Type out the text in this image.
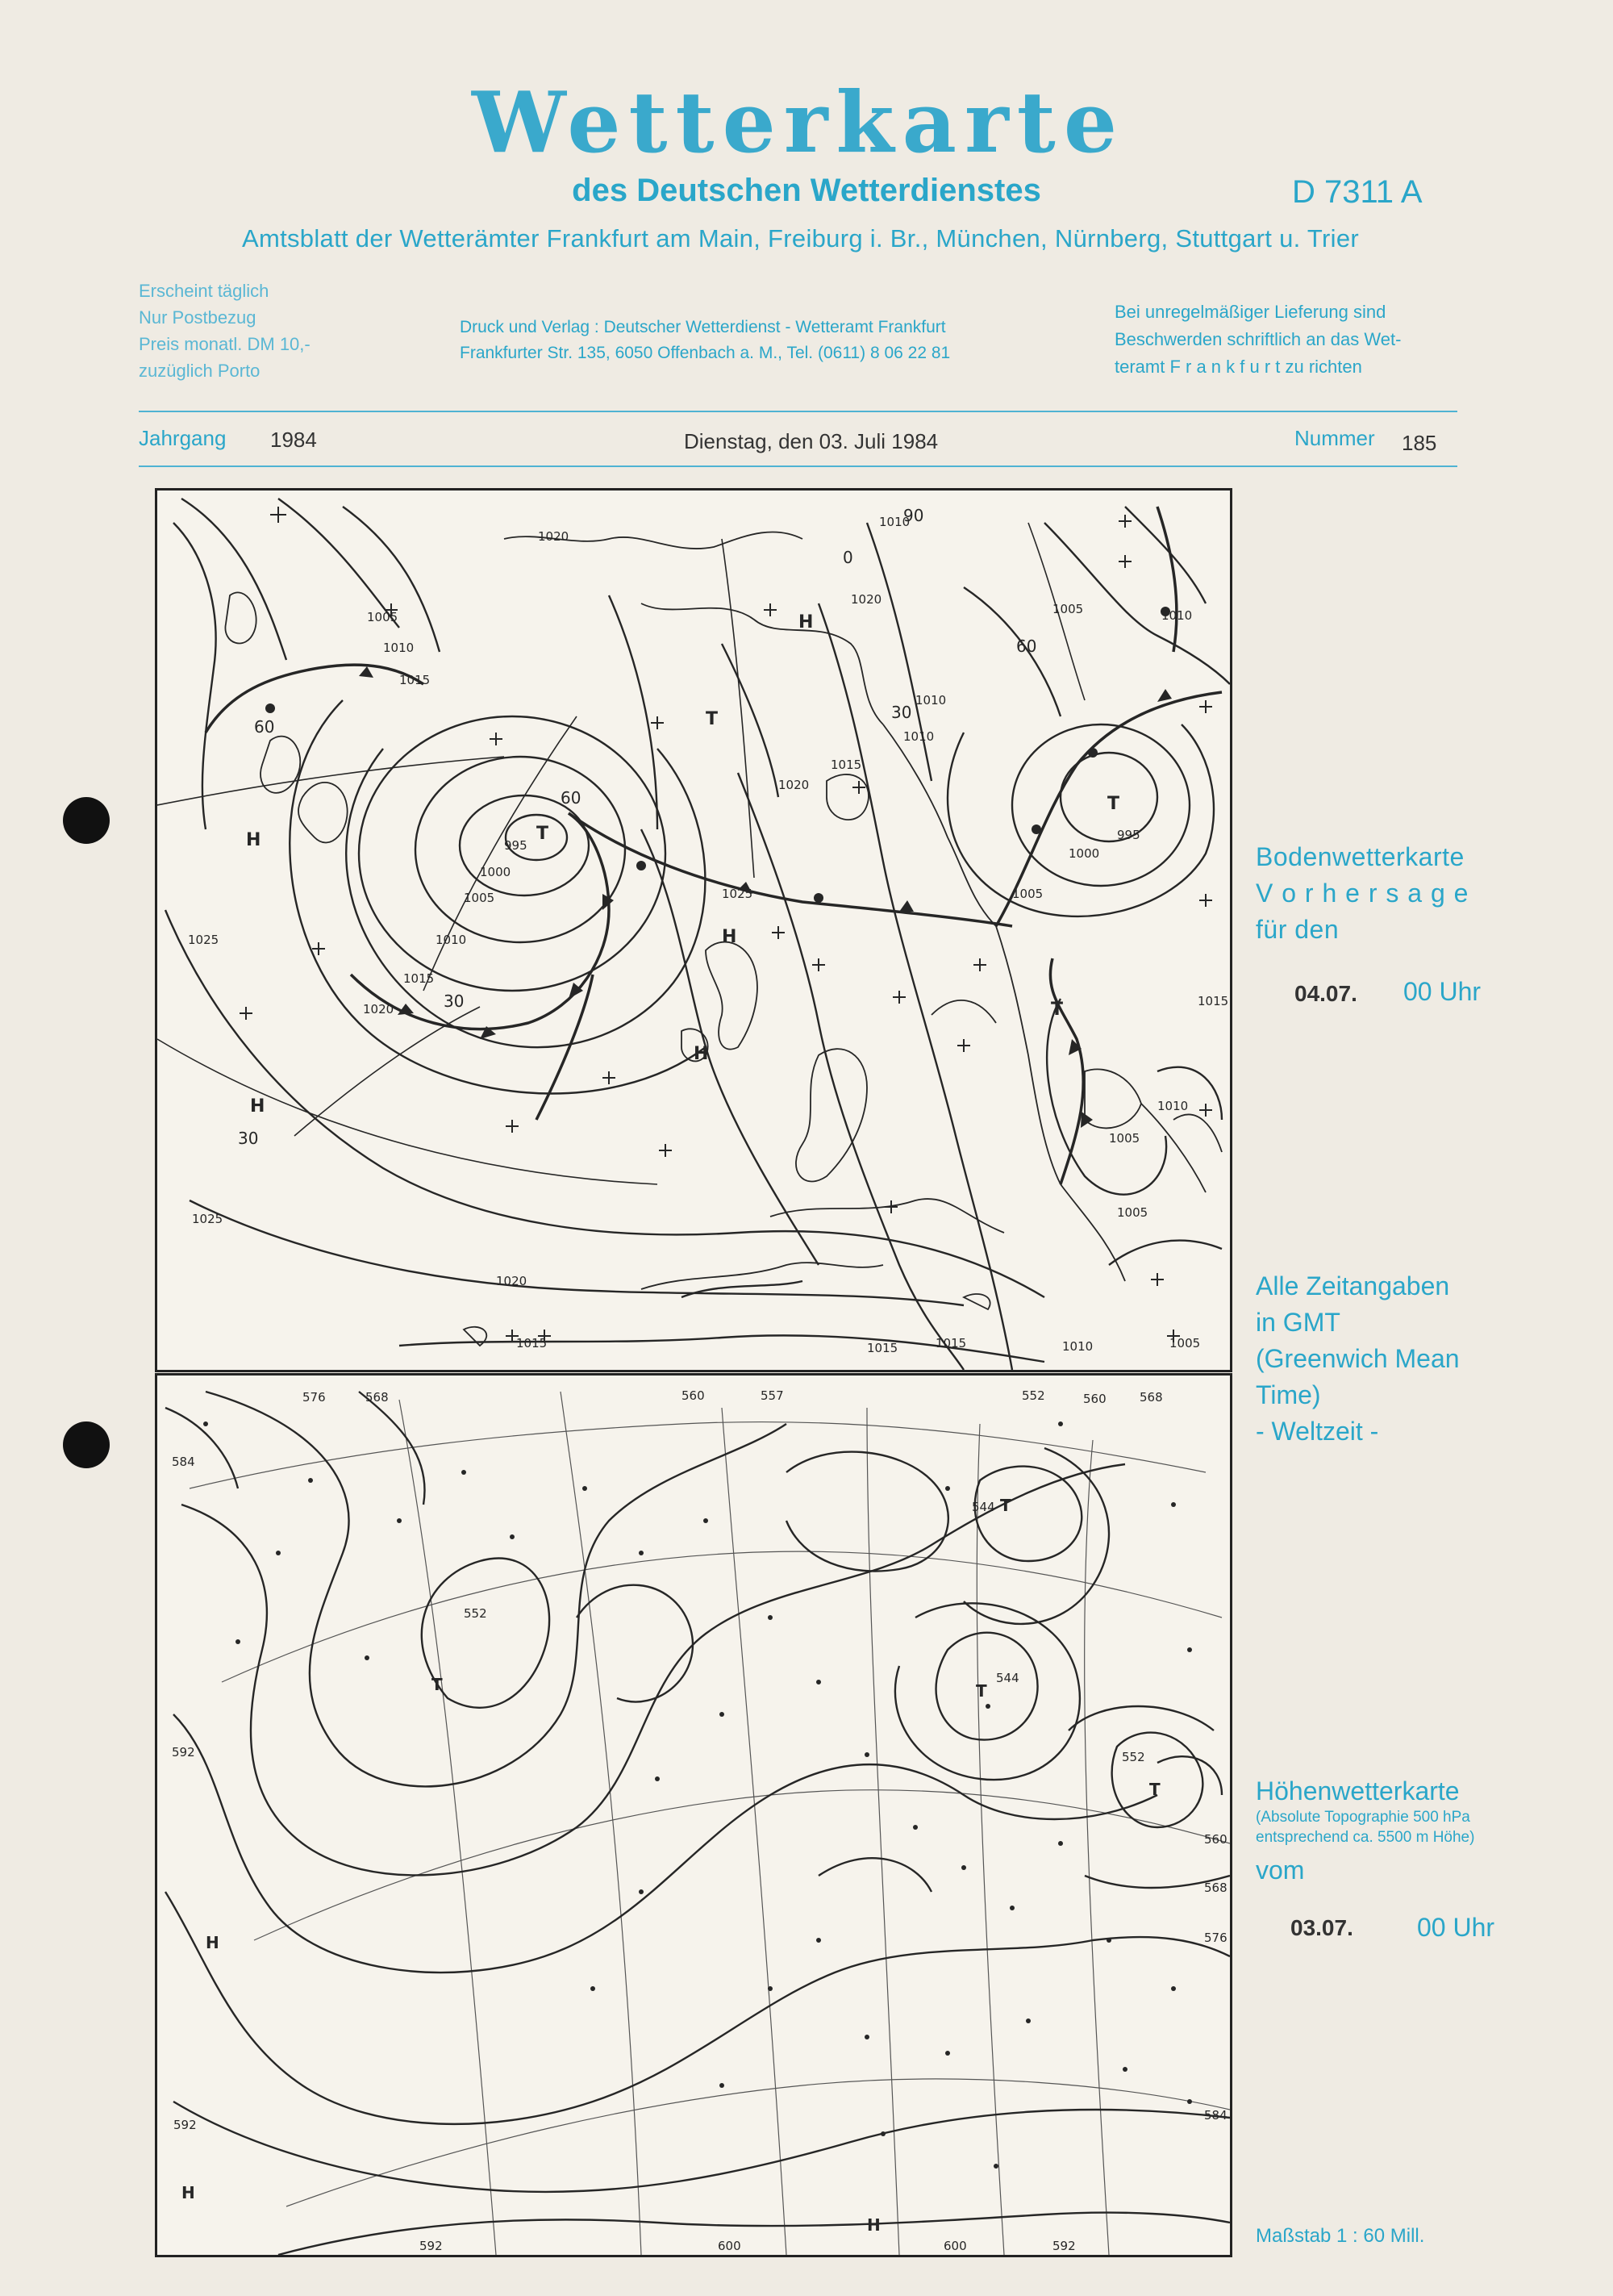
Wetterkarte
des Deutschen Wetterdienstes	D 7311 A
Amtsblatt der Wetterämter Frankfurt am Main, Freiburg i. Br., München, Nürnberg, Stuttgart u. Trier
Erscheint täglich
Nur Postbezug
Preis monatl. DM 10,-
zuzüglich Porto
Druck und Verlag : Deutscher Wetterdienst - Wetteramt Frankfurt
Frankfurter Str. 135, 6050 Offenbach a. M., Tel. (0611) 8 06 22 81
Bei unregelmäßiger Lieferung sind
Beschwerden schriftlich an das Wet-
teramt F r a n k f u r t zu richten
Jahrgang 1984	Dienstag, den 03. Juli 1984	Nummer 185
1020
1010
1005
1010
1015
1010
1005
1010
1015
1020
995
1000
1005
1010
1015
1020
1025
1025
1020
1015	1015	1015	1010	1005
1025
1020
1010
1005
1000
995
1005
1015
1010
1005
30
30
30
60
60
60
90
0
H
H
H
H
H
T
T
T
T
576	568	560	557	552	560	568
584
552
544
544
552
560
568
576
584
592
592
592	600	600	592
T
T
T
T
H
H
H
Bodenwetterkarte
V o r h e r s a g e
für den
04.07. 00 Uhr
Alle Zeitangaben
in GMT
(Greenwich Mean
Time)
- Weltzeit -
Höhenwetterkarte
(Absolute Topographie 500 hPa
entsprechend ca. 5500 m Höhe)
vom
03.07. 00 Uhr
Maßstab 1 : 60 Mill.
